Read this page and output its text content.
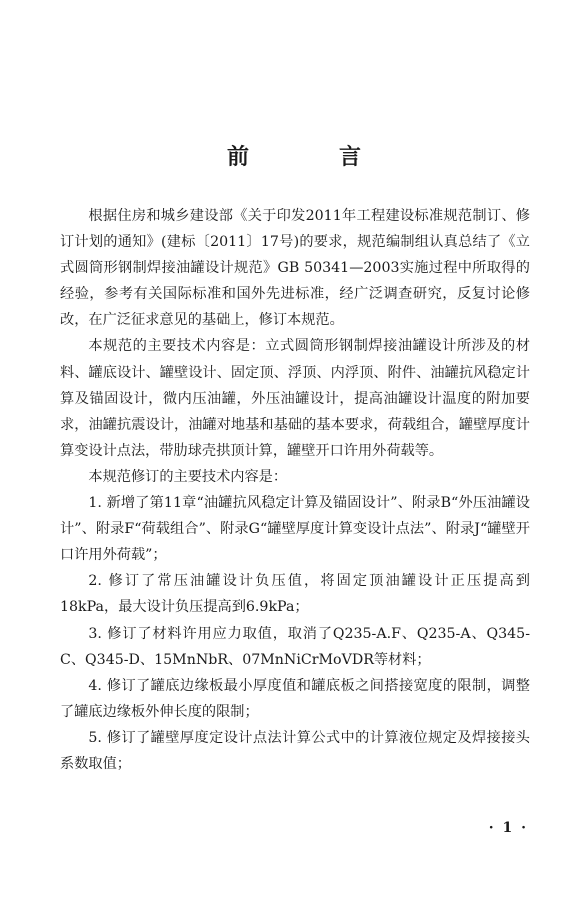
前　言

根据住房和城乡建设部《关于印发2011年工程建设标准规范制订、修订计划的通知》(建标〔2011〕17号)的要求，规范编制组认真总结了《立式圆筒形钢制焊接油罐设计规范》GB 50341—2003实施过程中所取得的经验，参考有关国际标准和国外先进标准，经广泛调查研究，反复讨论修改，在广泛征求意见的基础上，修订本规范。

本规范的主要技术内容是：立式圆筒形钢制焊接油罐设计所涉及的材料、罐底设计、罐壁设计、固定顶、浮顶、内浮顶、附件、油罐抗风稳定计算及锚固设计，微内压油罐，外压油罐设计，提高油罐设计温度的附加要求，油罐抗震设计，油罐对地基和基础的基本要求，荷载组合，罐壁厚度计算变设计点法，带肋球壳拱顶计算，罐壁开口许用外荷载等。

本规范修订的主要技术内容是：

1. 新增了第11章“油罐抗风稳定计算及锚固设计”、附录B“外压油罐设计”、附录F“荷载组合”、附录G“罐壁厚度计算变设计点法”、附录J“罐壁开口许用外荷载”；

2. 修订了常压油罐设计负压值，将固定顶油罐设计正压提高到18kPa，最大设计负压提高到6.9kPa；

3. 修订了材料许用应力取值，取消了Q235-A.F、Q235-A、Q345-C、Q345-D、15MnNbR、07MnNiCrMoVDR等材料；

4. 修订了罐底边缘板最小厚度值和罐底板之间搭接宽度的限制，调整了罐底边缘板外伸长度的限制；

5. 修订了罐壁厚度定设计点法计算公式中的计算液位规定及焊接接头系数取值；

· 1 ·
